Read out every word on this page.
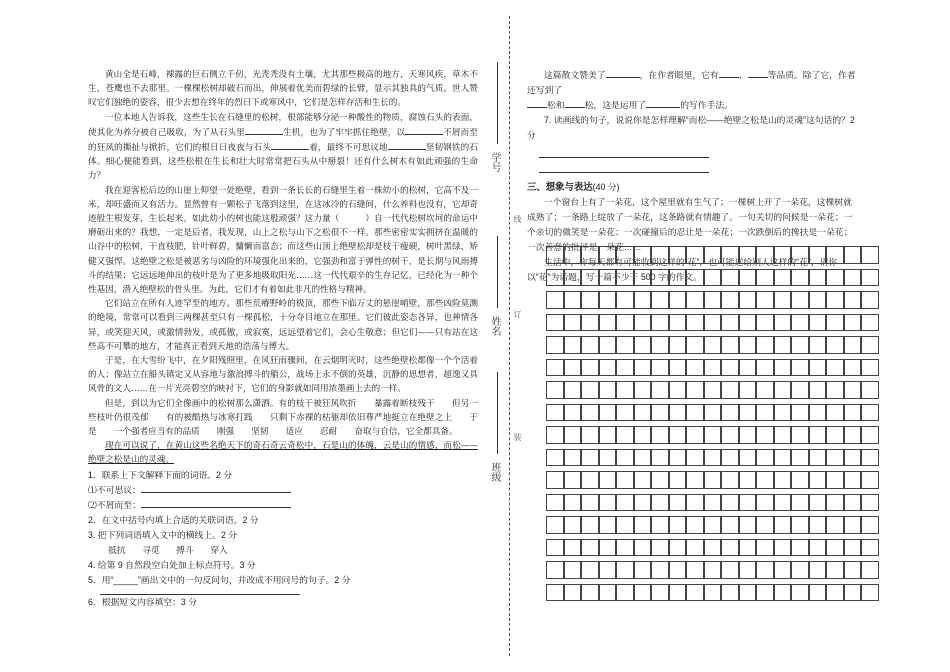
黄山全是石峰，裸露的巨石侧立千仞，光秃秃没有土壤，尤其那些极高的地方，天寒风疾，草木不生，苍鹰也不去那里。一棵棵松树却破石而出，伸展着优美而碧绿的长臂，显示其独具的气质。世人赞叹它们独绝的姿容，很少去想在终年的烈日下或寒风中，它们是怎样存活和生长的。

一位本地人告诉我，这些生长在石缝里的松树，根部能够分泌一种酸性的物质，腐蚀石头的表面，使其化为养分被自己吸收，为了从石头里	生机，也为了牢牢抓住绝壁，以	不屑而至的狂风的撕扯与掀折，它们的根日日夜夜与石头	着，最终不可思议地	坚韧钢铁的石体。细心便能看到，这些松根在生长和壮大时常常把石头从中掰裂！还有什么树木有如此顽强的生命力？

我在迎客松后边的山崖上仰望一处绝壁，看到一条长长的石缝里生着一株幼小的松树，它高不及一米，却旺盛而又有活力。显然曾有一颗松子飞落到这里，在这冰冷的石缝间，什么养料也没有，它却奇迹般生根发芽，生长起来。如此幼小的树也能这般顽强？这力量（	）自一代代松树坎坷的命运中磨砺出来的？我想，一定是后者，我发现，山上之松与山下之松很不一样。那些密密实实拥挤在温暖的山谷中的松树，干直枝肥，针叶鲜碧，慵懒而富态；而这些山顶上绝壁松却是枝干瘦硬，树叶黑绿，矫健又强悍。这绝壁之松是被恶劣与凶险的环境强化出来的，它强劲和富于弹性的树干，是长期与风雨搏斗的结果；它远远地伸出的枝叶是为了更多地吸取阳光……这一代代艰辛的生存记忆，已经化为一种个性基因，潜入绝壁松的骨头里。为此，它们才有着如此非凡的性格与精神。

它们站立在所有人迹罕至的地方。那些荒瘠野岭的极顶，那些下临万丈的悬崖峭壁，那些凶险莫测的绝境，常常可以看到三两棵甚至只有一棵孤松，十分夺目地立在那里。它们彼此姿态各异，也神情各异，或笑迎天风，或激情勃发，或孤傲，或寂寞，远远望着它们，会心生敬意；但它们——只有站在这些高不可攀的地方，才能真正看到天地的浩荡与博大。

于是，在大雪纷飞中，在夕阳残照里，在风狂雨骤间，在云烟明灭时，这些绝壁松都像一个个活着的人；像站立在船头镇定又从容地与激浪搏斗的艄公，战场上永不倒的英雄，沉静的思想者，超逸又具风骨的文人……在一片光亮碧空的映衬下，它们的身影就如同用浓墨画上去的一样。

但是，到以为它们全像画中的松树那么潇洒。有的枝干被狂风吹折　　暴露着断枝残干　　但另一些枝叶仍很茂郁　　有的被酷热与冰寒打践　　只剩下赤裸的枯躯却依旧尊严地挺立在绝壁之上　　于是　　一个强者应当有的品质　　刚强　　坚韧　　适应　　忍耐　　奋取与自信，它全都具备。

现在可以说了，在黄山这些名绝天下的奇石奇云奇松中，石是山的体魄，云是山的情感，而松——绝壁之松是山的灵魂。

1．联系上下文解释下面的词语。2 分
⑴不可思议：
⑵不屑而至：
2．在文中括号内填上合适的关联词语。2 分
3. 把下列词语填入文中的横线上。2 分
抵抗 寻觅 搏斗 穿入
4. 给第 9 自然段空白处加上标点符号。3 分
5．用“_____”画出文中的一句反问句，并改成不用问号的句子。2 分
6．根据短文内容填空：3 分
学号
线
姓名
订
装
班级

这篇散文赞美了	，在作者眼里，它有 、 等品质。除了它，作者还写到了

松和 松，这是运用了	的写作手法。

7. 读画线的句子，说说你是怎样理解“而松——绝壁之松是山的灵魂”这句话的？2 分

三、想象与表达(40 分)

一个窗台上有了一朵花，这个屋里就有生气了；一棵树上开了一朵花，这棵树就成熟了；一条路上绽放了一朵花，这条路就有情趣了。一句关切的问候是一朵花；一个亲切的微笑是一朵花；一次碰撞后的忍让是一朵花；一次跌倒后的搀扶是一朵花；一次善意的批评是一朵花……

生活中，你每天都有可能收到这样的“花”，也可能送给别人这样的“花”，请你以“花”为话题，写一篇不少于 500 字的作文。
